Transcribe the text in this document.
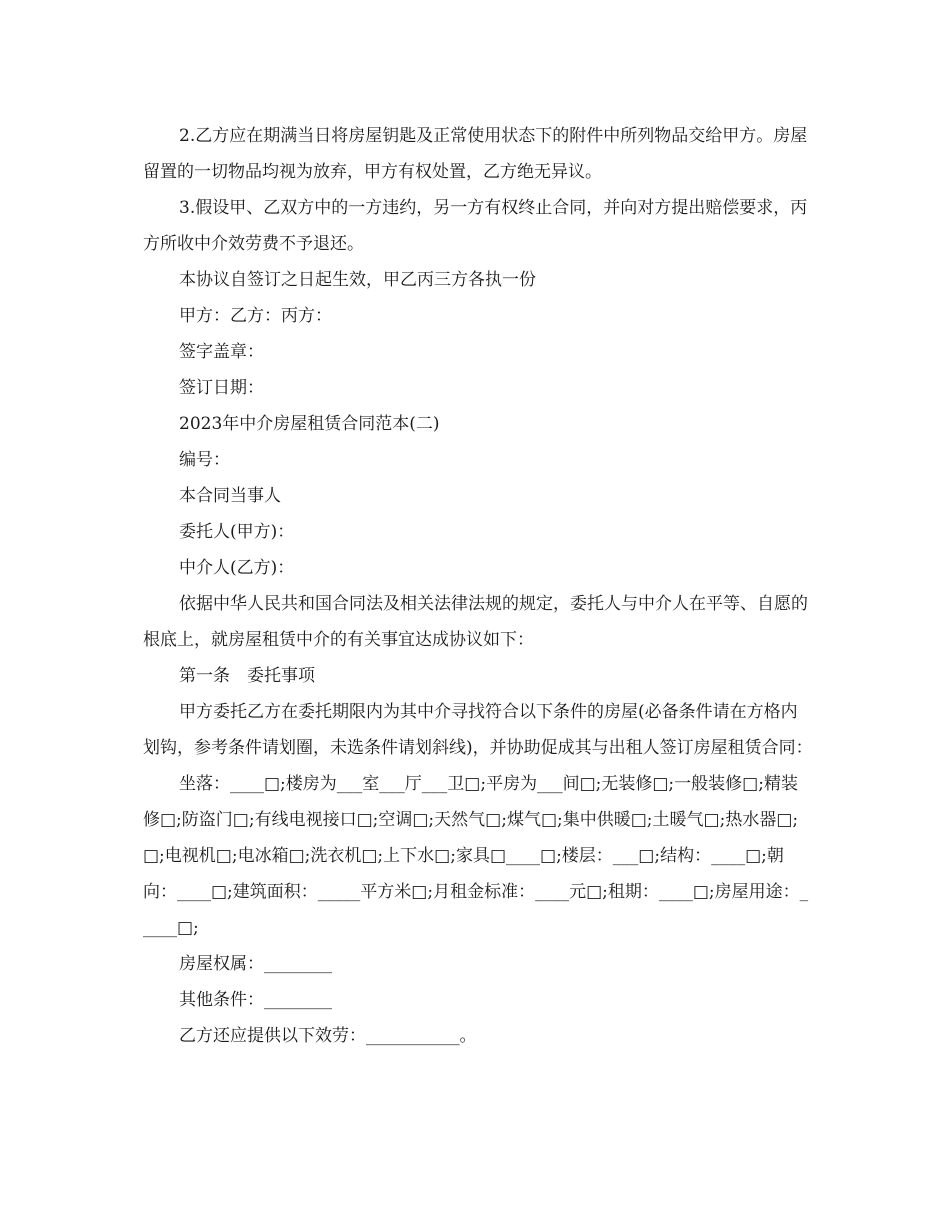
2.乙方应在期满当日将房屋钥匙及正常使用状态下的附件中所列物品交给甲方。房屋留置的一切物品均视为放弃，甲方有权处置，乙方绝无异议。

3.假设甲、乙双方中的一方违约，另一方有权终止合同，并向对方提出赔偿要求，丙方所收中介效劳费不予退还。

本协议自签订之日起生效，甲乙丙三方各执一份

甲方：乙方：丙方：

签字盖章：

签订日期：

2023年中介房屋租赁合同范本(二)

编号：

本合同当事人

委托人(甲方)：

中介人(乙方)：

依据中华人民共和国合同法及相关法律法规的规定，委托人与中介人在平等、自愿的根底上，就房屋租赁中介的有关事宜达成协议如下：

第一条　委托事项

甲方委托乙方在委托期限内为其中介寻找符合以下条件的房屋(必备条件请在方格内划钩，参考条件请划圈，未选条件请划斜线)，并协助促成其与出租人签订房屋租赁合同：

坐落：____□;楼房为___室___厅___卫□;平房为___间□;无装修□;一般装修□;精装修□;防盗门□;有线电视接口□;空调□;天然气□;煤气□;集中供暖□;土暖气□;热水器□;　　□;电视机□;电冰箱□;洗衣机□;上下水□;家具□____□;楼层：___□;结构：____□;朝向：____□;建筑面积：_____平方米□;月租金标准：____元□;租期：____□;房屋用途：_____□;

房屋权属：________

其他条件：________

乙方还应提供以下效劳：___________。
